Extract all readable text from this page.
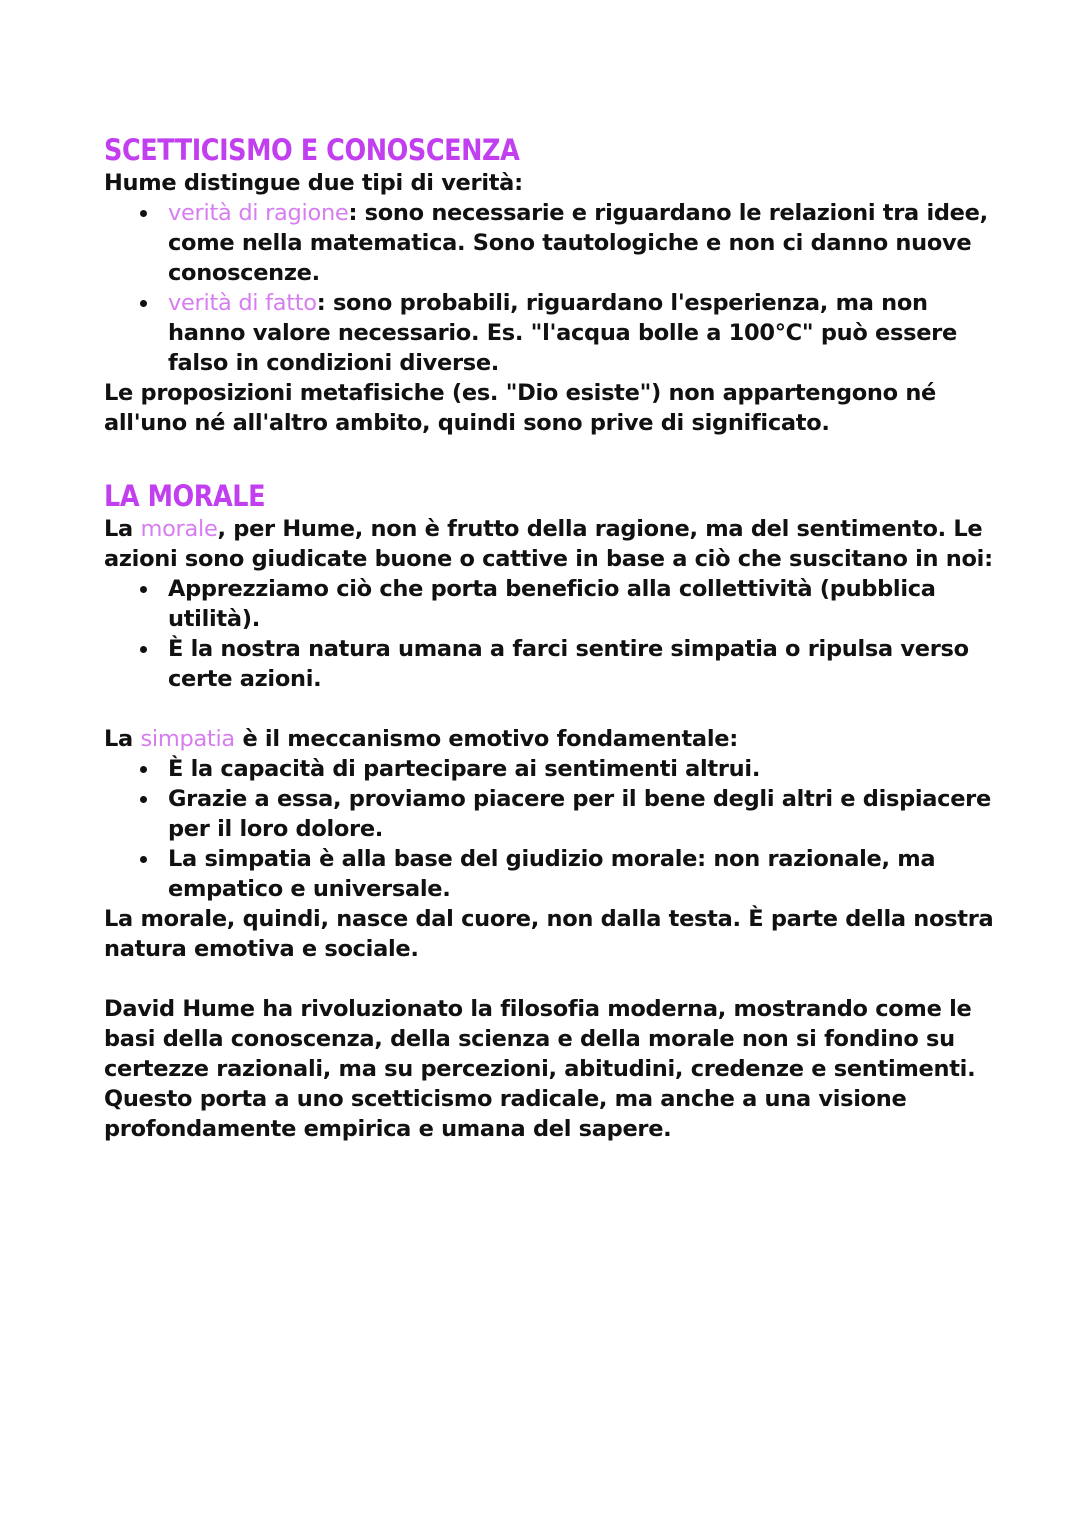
SCETTICISMO E CONOSCENZA

Hume distingue due tipi di verità:

verità di ragione: sono necessarie e riguardano le relazioni tra idee, come nella matematica. Sono tautologiche e non ci danno nuove conoscenze.
verità di fatto: sono probabili, riguardano l'esperienza, ma non hanno valore necessario. Es. "l'acqua bolle a 100°C" può essere falso in condizioni diverse.

Le proposizioni metafisiche (es. "Dio esiste") non appartengono né all'uno né all'altro ambito, quindi sono prive di significato.

LA MORALE

La morale, per Hume, non è frutto della ragione, ma del sentimento. Le azioni sono giudicate buone o cattive in base a ciò che suscitano in noi:

Apprezziamo ciò che porta beneficio alla collettività (pubblica utilità).
È la nostra natura umana a farci sentire simpatia o ripulsa verso certe azioni.

La simpatia è il meccanismo emotivo fondamentale:

È la capacità di partecipare ai sentimenti altrui.
Grazie a essa, proviamo piacere per il bene degli altri e dispiacere per il loro dolore.
La simpatia è alla base del giudizio morale: non razionale, ma empatico e universale.

La morale, quindi, nasce dal cuore, non dalla testa. È parte della nostra natura emotiva e sociale.

David Hume ha rivoluzionato la filosofia moderna, mostrando come le basi della conoscenza, della scienza e della morale non si fondino su certezze razionali, ma su percezioni, abitudini, credenze e sentimenti. Questo porta a uno scetticismo radicale, ma anche a una visione profondamente empirica e umana del sapere.
